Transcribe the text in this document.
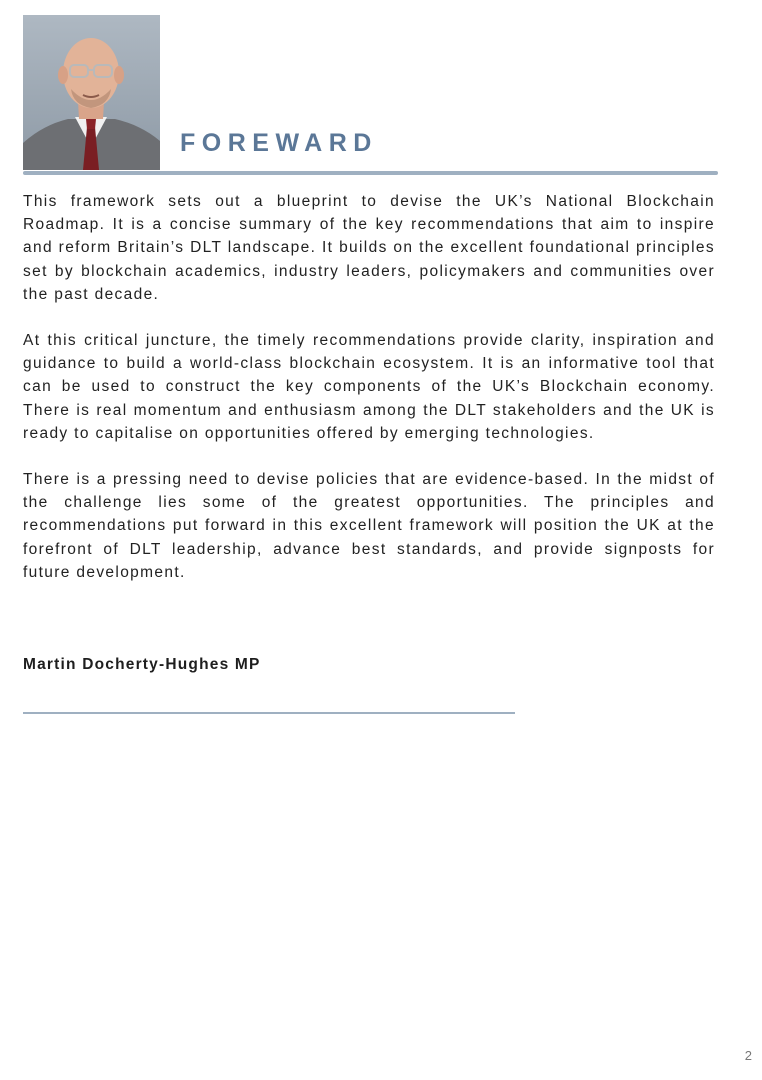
FOREWARD

This framework sets out a blueprint to devise the UK’s National Blockchain Roadmap. It is a concise summary of the key recommendations that aim to inspire and reform Britain’s DLT landscape. It builds on the excellent foundational principles set by blockchain academics, industry leaders, policymakers and communities over the past decade.

At this critical juncture, the timely recommendations provide clarity, inspiration and guidance to build a world-class blockchain ecosystem. It is an informative tool that can be used to construct the key components of the UK’s Blockchain economy. There is real momentum and enthusiasm among the DLT stakeholders and the UK is ready to capitalise on opportunities offered by emerging technologies.

There is a pressing need to devise policies that are evidence-based. In the midst of the challenge lies some of the greatest opportunities. The principles and recommendations put forward in this excellent framework will position the UK at the forefront of DLT leadership, advance best standards, and provide signposts for future development.

Martin Docherty-Hughes MP
2
